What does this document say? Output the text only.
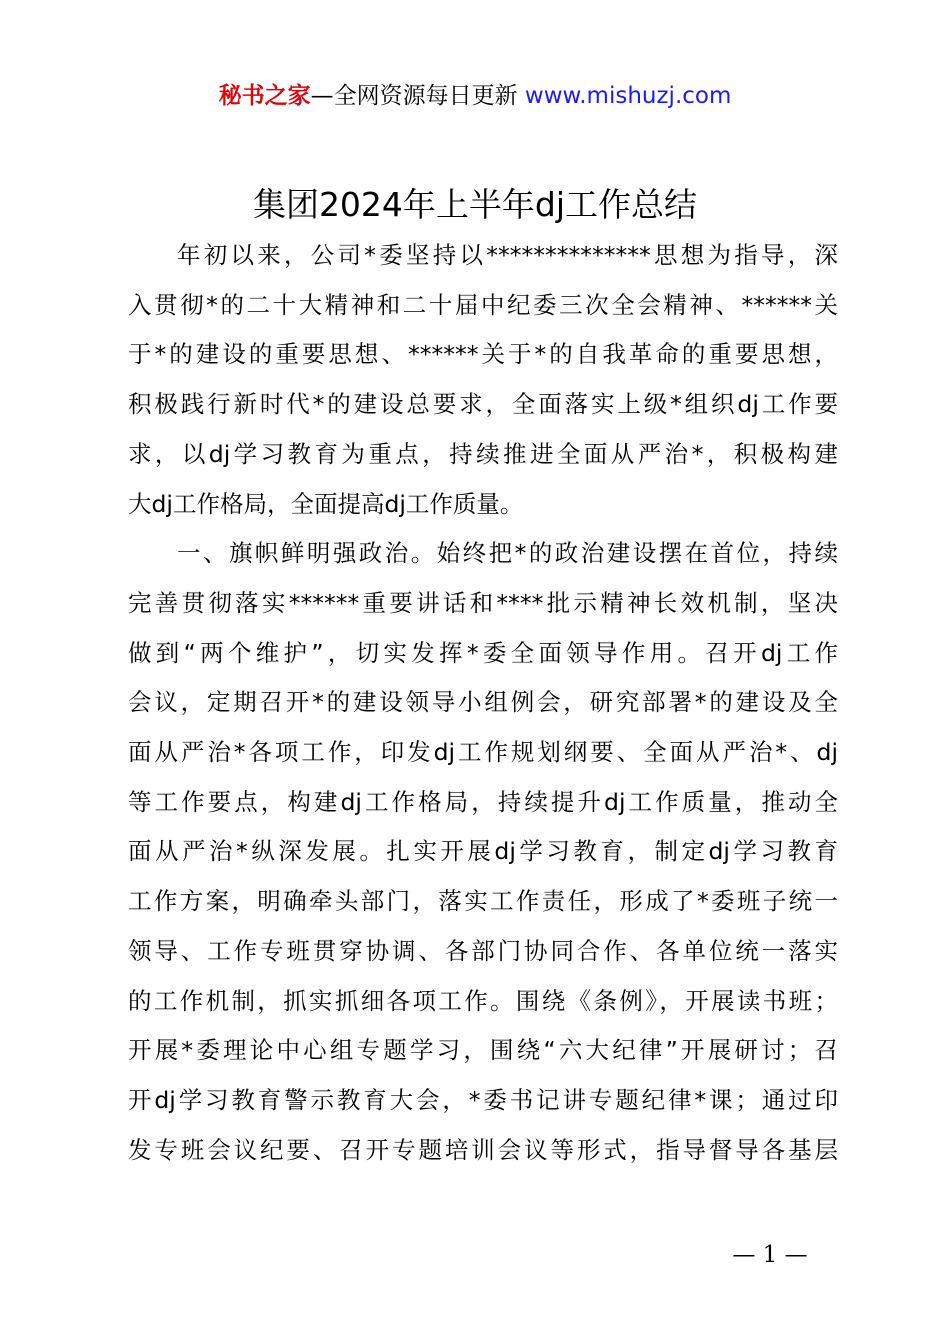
秘书之家—全网资源每日更新 www.mishuzj.com
集团2024年上半年dj工作总结

年初以来，公司*委坚持以**************思想为指导，深
入贯彻*的二十大精神和二十届中纪委三次全会精神、******关
于*的建设的重要思想、******关于*的自我革命的重要思想，
积极践行新时代*的建设总要求，全面落实上级*组织dj工作要
求，以dj学习教育为重点，持续推进全面从严治*，积极构建
大dj工作格局，全面提高dj工作质量。

一、旗帜鲜明强政治。始终把*的政治建设摆在首位，持续
完善贯彻落实******重要讲话和****批示精神长效机制，坚决
做到“两个维护”，切实发挥*委全面领导作用。召开dj工作
会议，定期召开*的建设领导小组例会，研究部署*的建设及全
面从严治*各项工作，印发dj工作规划纲要、全面从严治*、dj
等工作要点，构建dj工作格局，持续提升dj工作质量，推动全
面从严治*纵深发展。扎实开展dj学习教育，制定dj学习教育
工作方案，明确牵头部门，落实工作责任，形成了*委班子统一
领导、工作专班贯穿协调、各部门协同合作、各单位统一落实
的工作机制，抓实抓细各项工作。围绕《条例》，开展读书班；
开展*委理论中心组专题学习，围绕“六大纪律”开展研讨；召
开dj学习教育警示教育大会，*委书记讲专题纪律*课；通过印
发专班会议纪要、召开专题培训会议等形式，指导督导各基层

— 1 —
